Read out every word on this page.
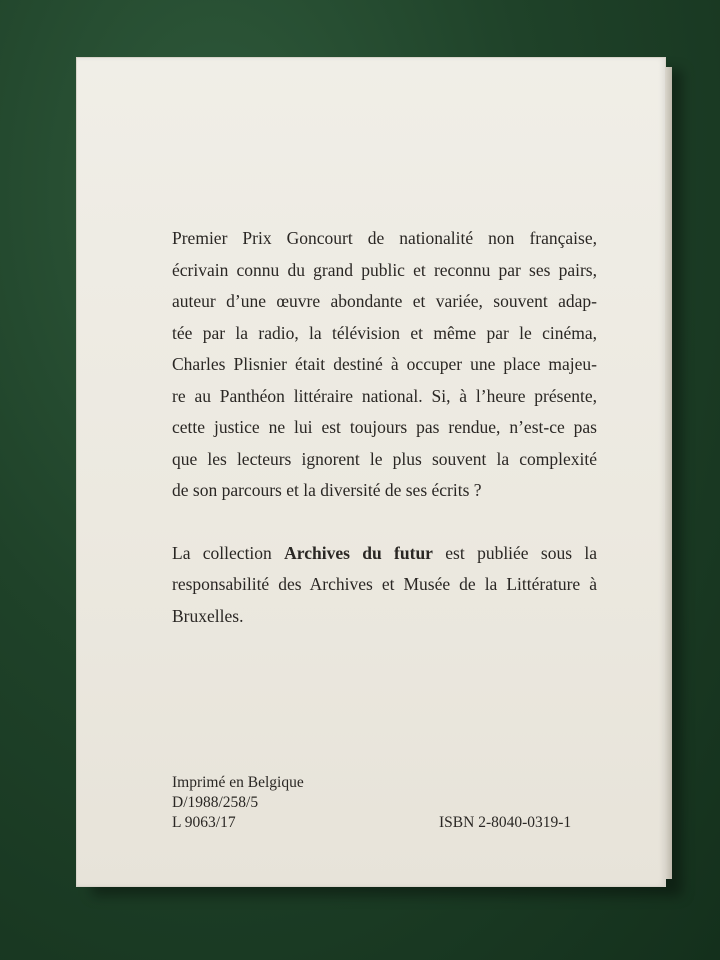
Premier Prix Goncourt de nationalité non française,
écrivain connu du grand public et reconnu par ses pairs,
auteur d’une œuvre abondante et variée, souvent adap-
tée par la radio, la télévision et même par le cinéma,
Charles Plisnier était destiné à occuper une place majeu-
re au Panthéon littéraire national. Si, à l’heure présente,
cette justice ne lui est toujours pas rendue, n’est-ce pas
que les lecteurs ignorent le plus souvent la complexité
de son parcours et la diversité de ses écrits ?
La collection Archives du futur est publiée sous la
responsabilité des Archives et Musée de la Littérature à
Bruxelles.
Imprimé en Belgique
D/1988/258/5
L 9063/17	ISBN 2-8040-0319-1
